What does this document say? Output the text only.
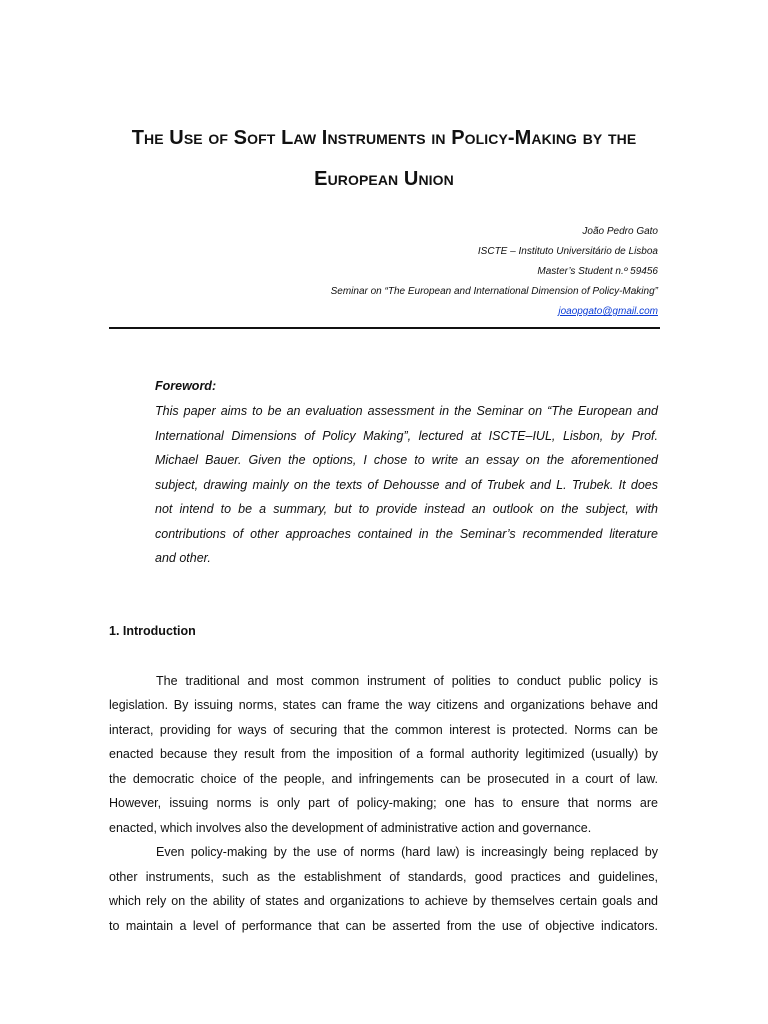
The Use of Soft Law Instruments in Policy-Making by the
European Union
João Pedro Gato
ISCTE – Instituto Universitário de Lisboa
Master’s Student n.º 59456
Seminar on “The European and International Dimension of Policy-Making”
joaopgato@gmail.com
Foreword:
This paper aims to be an evaluation assessment in the Seminar on “The European and
International Dimensions of Policy Making”, lectured at ISCTE–IUL, Lisbon, by Prof.
Michael Bauer. Given the options, I chose to write an essay on the aforementioned
subject, drawing mainly on the texts of Dehousse and of Trubek and L. Trubek. It does
not intend to be a summary, but to provide instead an outlook on the subject, with
contributions of other approaches contained in the Seminar’s recommended literature
and other.
1. Introduction
The traditional and most common instrument of polities to conduct public policy is
legislation. By issuing norms, states can frame the way citizens and organizations behave and
interact, providing for ways of securing that the common interest is protected. Norms can be
enacted because they result from the imposition of a formal authority legitimized (usually) by
the democratic choice of the people, and infringements can be prosecuted in a court of law.
However, issuing norms is only part of policy-making; one has to ensure that norms are
enacted, which involves also the development of administrative action and governance.
Even policy-making by the use of norms (hard law) is increasingly being replaced by
other instruments, such as the establishment of standards, good practices and guidelines,
which rely on the ability of states and organizations to achieve by themselves certain goals and
to maintain a level of performance that can be asserted from the use of objective indicators.
